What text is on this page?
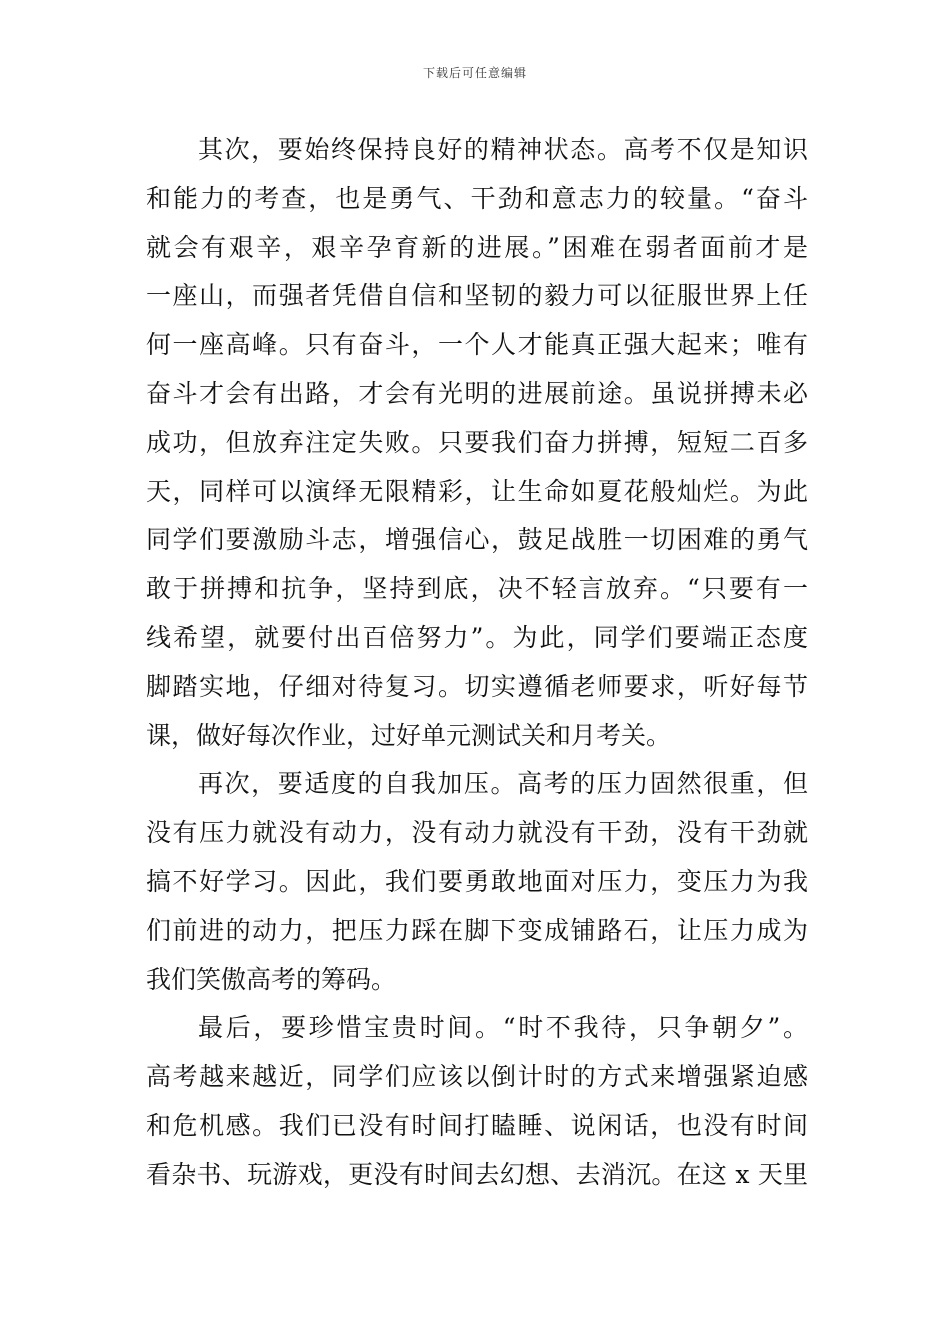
下载后可任意编辑
其次，要始终保持良好的精神状态。高考不仅是知识
和能力的考查，也是勇气、干劲和意志力的较量。“奋斗
就会有艰辛，艰辛孕育新的进展。”困难在弱者面前才是
一座山，而强者凭借自信和坚韧的毅力可以征服世界上任
何一座高峰。只有奋斗，一个人才能真正强大起来；唯有
奋斗才会有出路，才会有光明的进展前途。虽说拼搏未必
成功，但放弃注定失败。只要我们奋力拼搏，短短二百多
天，同样可以演绎无限精彩，让生命如夏花般灿烂。为此
同学们要激励斗志，增强信心，鼓足战胜一切困难的勇气
敢于拼搏和抗争，坚持到底，决不轻言放弃。“只要有一
线希望，就要付出百倍努力”。为此，同学们要端正态度
脚踏实地，仔细对待复习。切实遵循老师要求，听好每节
课，做好每次作业，过好单元测试关和月考关。
再次，要适度的自我加压。高考的压力固然很重，但
没有压力就没有动力，没有动力就没有干劲，没有干劲就
搞不好学习。因此，我们要勇敢地面对压力，变压力为我
们前进的动力，把压力踩在脚下变成铺路石，让压力成为
我们笑傲高考的筹码。
最后，要珍惜宝贵时间。“时不我待，只争朝夕”。
高考越来越近，同学们应该以倒计时的方式来增强紧迫感
和危机感。我们已没有时间打瞌睡、说闲话，也没有时间
看杂书、玩游戏，更没有时间去幻想、去消沉。在这 x 天里
